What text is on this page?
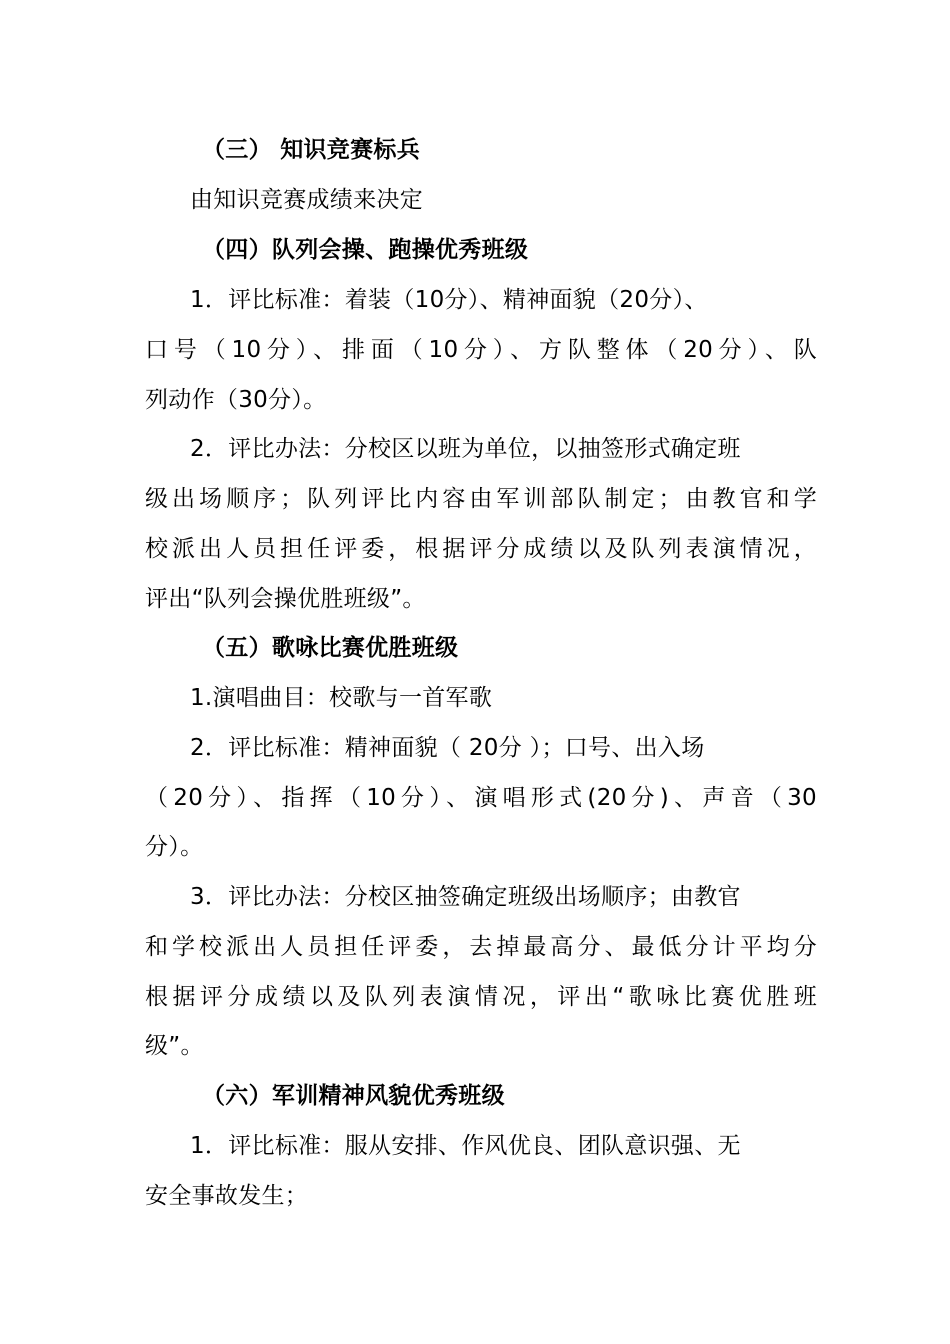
（三） 知识竞赛标兵
由知识竞赛成绩来决定
（四）队列会操、跑操优秀班级
1．评比标准：着装（10分）、精神面貌（20分）、
口号（10分）、排面（10分）、方队整体（20分）、队
列动作（30分）。
2．评比办法：分校区以班为单位，以抽签形式确定班
级出场顺序；队列评比内容由军训部队制定；由教官和学
校派出人员担任评委，根据评分成绩以及队列表演情况，
评出“队列会操优胜班级”。
（五）歌咏比赛优胜班级
1.演唱曲目：校歌与一首军歌
2．评比标准：精神面貌（ 20分 ）；口号、出入场
（20分）、指挥（10分）、演唱形式(20分)、声音（30
分）。
3．评比办法：分校区抽签确定班级出场顺序；由教官
和学校派出人员担任评委，去掉最高分、最低分计平均分
根据评分成绩以及队列表演情况，评出“歌咏比赛优胜班
级”。
（六）军训精神风貌优秀班级
1．评比标准：服从安排、作风优良、团队意识强、无
安全事故发生；
